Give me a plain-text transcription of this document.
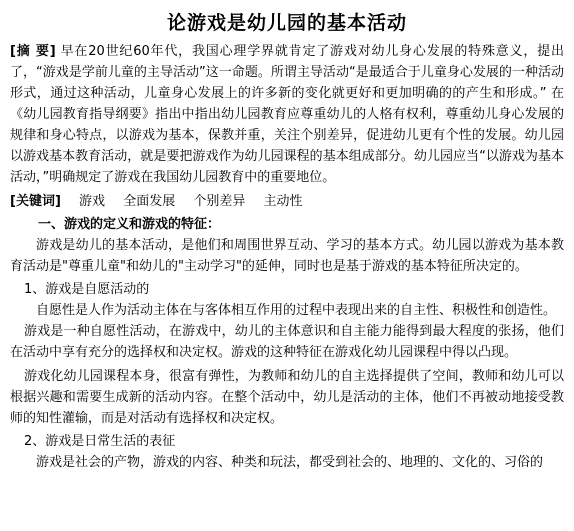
论游戏是幼儿园的基本活动

[摘 要] 早在20世纪60年代，我国心理学界就肯定了游戏对幼儿身心发展的特殊意义，提出了，“游戏是学前儿童的主导活动”这一命题。所谓主导活动“是最适合于儿童身心发展的一种活动形式，通过这种活动，儿童身心发展上的许多新的变化就更好和更加明确的的产生和形成。” 在《幼儿园教育指导纲要》指出中指出幼儿园教育应尊重幼儿的人格有权利，尊重幼儿身心发展的规律和身心特点，以游戏为基本，保教并重，关注个别差异，促进幼儿更有个性的发展。幼儿园以游戏基本教育活动，就是要把游戏作为幼儿园课程的基本组成部分。幼儿园应当“以游戏为基本活动，”明确规定了游戏在我国幼儿园教育中的重要地位。

[关键词] 游戏 全面发展 个别差异 主动性
一、游戏的定义和游戏的特征：

游戏是幼儿的基本活动，是他们和周围世界互动、学习的基本方式。幼儿园以游戏为基本教育活动是"尊重儿童"和幼儿的"主动学习"的延伸，同时也是基于游戏的基本特征所决定的。

1、游戏是自愿活动的

自愿性是人作为活动主体在与客体相互作用的过程中表现出来的自主性、积极性和创造性。

游戏是一种自愿性活动，在游戏中，幼儿的主体意识和自主能力能得到最大程度的张扬，他们在活动中享有充分的选择权和决定权。游戏的这种特征在游戏化幼儿园课程中得以凸现。

游戏化幼儿园课程本身，很富有弹性，为教师和幼儿的自主选择提供了空间，教师和幼儿可以根据兴趣和需要生成新的活动内容。在整个活动中，幼儿是活动的主体，他们不再被动地接受教师的知性灌输，而是对活动有选择权和决定权。

2、游戏是日常生活的表征

游戏是社会的产物，游戏的内容、种类和玩法，都受到社会的、地理的、文化的、习俗的
